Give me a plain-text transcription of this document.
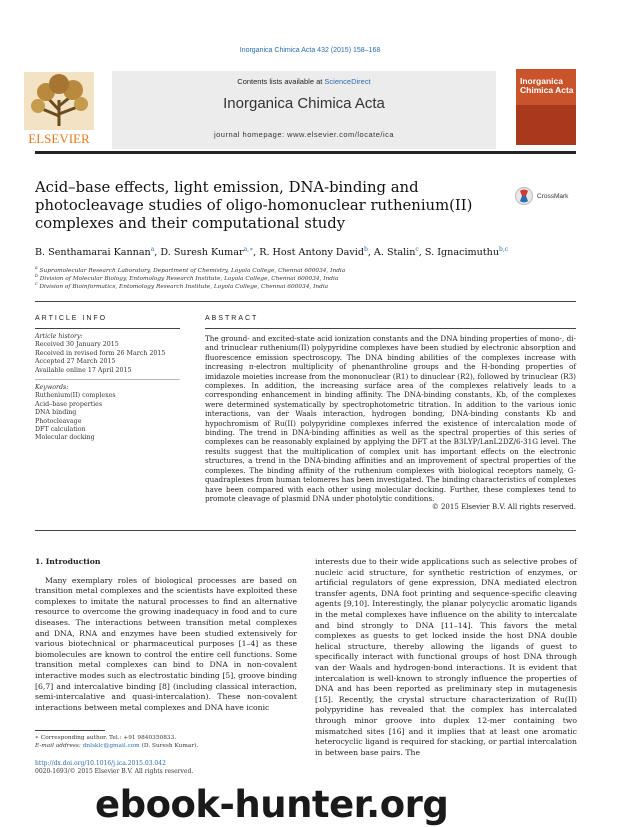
Inorganica Chimica Acta 432 (2015) 158–168
ELSEVIER
Contents lists available at ScienceDirect
Inorganica Chimica Acta
journal homepage: www.elsevier.com/locate/ica
Inorganica Chimica Acta
Acid–base effects, light emission, DNA-binding and photocleavage studies of oligo-homonuclear ruthenium(II) complexes and their computational study
CrossMark
B. Senthamarai Kannan$^a$, D. Suresh Kumar$^{a,∗}$, R. Host Antony David$^b$, A. Stalin$^c$, S. Ignacimuthu$^{b,c}$
$^a$ Supramolecular Research Laboratory, Department of Chemistry, Loyola College, Chennai 600034, India
$^b$ Division of Molecular Biology, Entomology Research Institute, Loyola College, Chennai 600034, India
$^c$ Division of Bioinformatics, Entomology Research Institute, Loyola College, Chennai 600034, India
ARTICLE INFO
Article history:
Received 30 January 2015
Received in revised form 26 March 2015
Accepted 27 March 2015
Available online 17 April 2015
Keywords:
Ruthenium(II) complexes
Acid–base properties
DNA binding
Photocleavage
DFT calculation
Molecular docking
ABSTRACT
The ground- and excited-state acid ionization constants and the DNA binding properties of mono-, di- and trinuclear ruthenium(II) polypyridine complexes have been studied by electronic absorption and fluorescence emission spectroscopy. The DNA binding abilities of the complexes increase with increasing π-electron multiplicity of phenanthroline groups and the H-bonding properties of imidazole moieties increase from the mononuclear (R1) to dinuclear (R2), followed by trinuclear (R3) complexes. In addition, the increasing surface area of the complexes relatively leads to a corresponding enhancement in binding affinity. The DNA-binding constants, Kb, of the complexes were determined systematically by spectrophotometric titration. In addition to the various ionic interactions, van der Waals interaction, hydrogen bonding, DNA-binding constants Kb and hypochromism of Ru(II) polypyridine complexes inferred the existence of intercalation mode of binding. The trend in DNA-binding affinities as well as the spectral properties of this series of complexes can be reasonably explained by applying the DFT at the B3LYP/LanL2DZ/6-31G level. The results suggest that the multiplication of complex unit has important effects on the electronic structures, a trend in the DNA-binding affinities and an improvement of spectral properties of the complexes. The binding affinity of the ruthenium complexes with biological receptors namely, G-quadraplexes from human telomeres has been investigated. The binding characteristics of complexes have been compared with each other using molecular docking. Further, these complexes tend to promote cleavage of plasmid DNA under photolytic conditions.
© 2015 Elsevier B.V. All rights reserved.
1. Introduction
Many exemplary roles of biological processes are based on transition metal complexes and the scientists have exploited these complexes to imitate the natural processes to find an alternative resource to overcome the growing inadequacy in food and to cure diseases. The interactions between transition metal complexes and DNA, RNA and enzymes have been studied extensively for various biotechnical or pharmaceutical purposes [1–4] as these biomolecules are known to control the entire cell functions. Some transition metal complexes can bind to DNA in non-covalent interactive modes such as electrostatic binding [5], groove binding [6,7] and intercalative binding [8] (including classical interaction, semi-intercalative and quasi-intercalation). These non-covalent interactions between metal complexes and DNA have iconic
interests due to their wide applications such as selective probes of nucleic acid structure, for synthetic restriction of enzymes, or artificial regulators of gene expression, DNA mediated electron transfer agents, DNA foot printing and sequence-specific cleaving agents [9,10]. Interestingly, the planar polycyclic aromatic ligands in the metal complexes have influence on the ability to intercalate and bind strongly to DNA [11–14]. This favors the metal complexes as guests to get locked inside the host DNA double helical structure, thereby allowing the ligands of guest to specifically interact with functional groups of host DNA through van der Waals and hydrogen-bond interactions. It is evident that intercalation is well-known to strongly influence the properties of DNA and has been reported as preliminary step in mutagenesis [15]. Recently, the crystal structure characterization of Ru(II) polypyridine has revealed that the complex has intercalated through minor groove into duplex 12-mer containing two mismatched sites [16] and it implies that at least one aromatic heterocyclic ligand is required for stacking, or partial intercalation in between base pairs. The
∗ Corresponding author. Tel.: +91 9840350833.
E-mail address: dnlsklc@gmail.com (D. Suresh Kumar).
http://dx.doi.org/10.1016/j.ica.2015.03.042
0020-1693/© 2015 Elsevier B.V. All rights reserved.
ebook-hunter.org
